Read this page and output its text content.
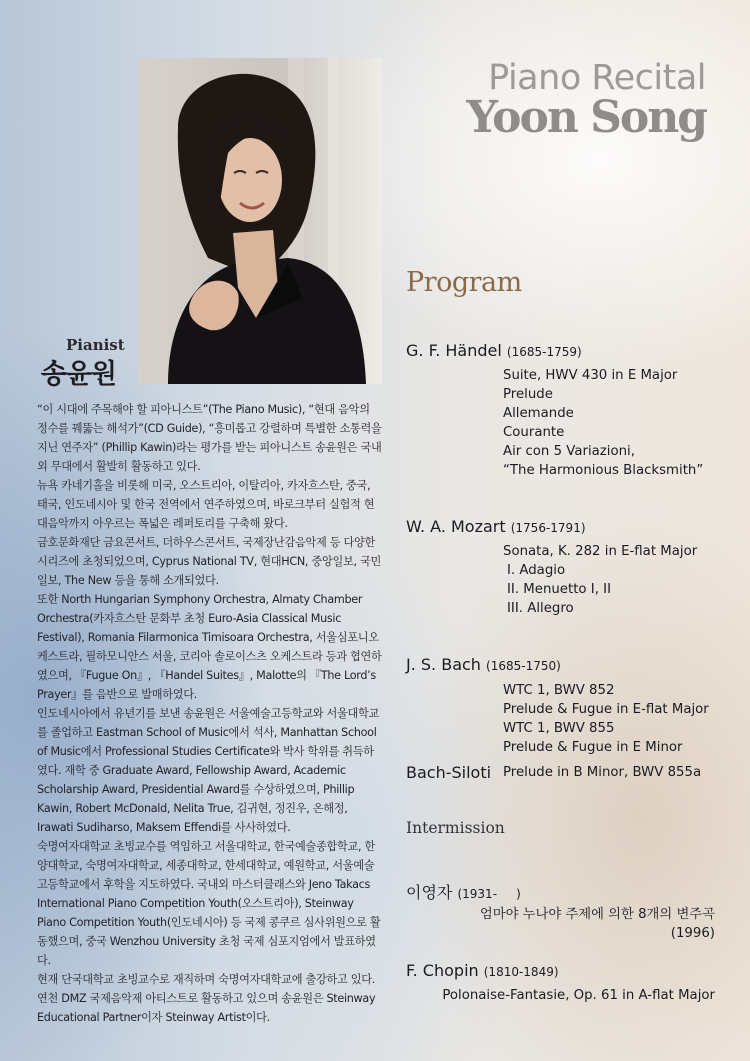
Pianist
송윤원
Piano Recital
Yoon Song

“이 시대에 주목해야 할 피아니스트”(The Piano Music), “현대 음악의 정수를 꿰뚫는 해석가”(CD Guide), “흥미롭고 강렬하며 특별한 소통력을 지닌 연주자” (Phillip Kawin)라는 평가를 받는 피아니스트 송윤원은 국내외 무대에서 활발히 활동하고 있다.

뉴욕 카네기홀을 비롯해 미국, 오스트리아, 이탈리아, 카자흐스탄, 중국, 태국, 인도네시아 및 한국 전역에서 연주하였으며, 바로크부터 실험적 현대음악까지 아우르는 폭넓은 레퍼토리를 구축해 왔다.

금호문화재단 금요콘서트, 더하우스콘서트, 국제장난감음악제 등 다양한 시리즈에 초청되었으며, Cyprus National TV, 현대HCN, 중앙일보, 국민일보, The New 등을 통해 소개되었다.

또한 North Hungarian Symphony Orchestra, Almaty Chamber Orchestra(카자흐스탄 문화부 초청 Euro-Asia Classical Music Festival), Romania Filarmonica Timisoara Orchestra, 서울심포니오케스트라, 필하모니안스 서울, 코리아 솔로이스츠 오케스트라 등과 협연하였으며, 『Fugue On』, 『Handel Suites』, Malotte의 『The Lord’s Prayer』를 음반으로 발매하였다.

인도네시아에서 유년기를 보낸 송윤원은 서울예술고등학교와 서울대학교를 졸업하고 Eastman School of Music에서 석사, Manhattan School of Music에서 Professional Studies Certificate와 박사 학위를 취득하였다. 재학 중 Graduate Award, Fellowship Award, Academic Scholarship Award, Presidential Award를 수상하였으며, Phillip Kawin, Robert McDonald, Nelita True, 김귀현, 정진우, 온해정, Irawati Sudiharso, Maksem Effendi를 사사하였다.

숙명여자대학교 초빙교수를 역임하고 서울대학교, 한국예술종합학교, 한양대학교, 숙명여자대학교, 세종대학교, 한세대학교, 예원학교, 서울예술고등학교에서 후학을 지도하였다. 국내외 마스터클래스와 Jeno Takacs International Piano Competition Youth(오스트리아), Steinway Piano Competition Youth(인도네시아) 등 국제 콩쿠르 심사위원으로 활동했으며, 중국 Wenzhou University 초청 국제 심포지엄에서 발표하였다.

현재 단국대학교 초빙교수로 재직하며 숙명여자대학교에 출강하고 있다. 연천 DMZ 국제음악제 아티스트로 활동하고 있으며 송윤원은 Steinway Educational Partner이자 Steinway Artist이다.

Program
G. F. Händel (1685-1759)
Suite, HWV 430 in E Major
Prelude
Allemande
Courante
Air con 5 Variazioni,
“The Harmonious Blacksmith”
W. A. Mozart (1756-1791)
Sonata, K. 282 in E-flat Major
I. Adagio
II. Menuetto I, II
III. Allegro
J. S. Bach (1685-1750)
WTC 1, BWV 852
Prelude & Fugue in E-flat Major
WTC 1, BWV 855
Prelude & Fugue in E Minor
Bach-Siloti Prelude in B Minor, BWV 855a
Intermission
이영자 (1931-     )
엄마야 누나야 주제에 의한 8개의 변주곡 (1996)
F. Chopin (1810-1849)
Polonaise-Fantasie, Op. 61 in A-flat Major
